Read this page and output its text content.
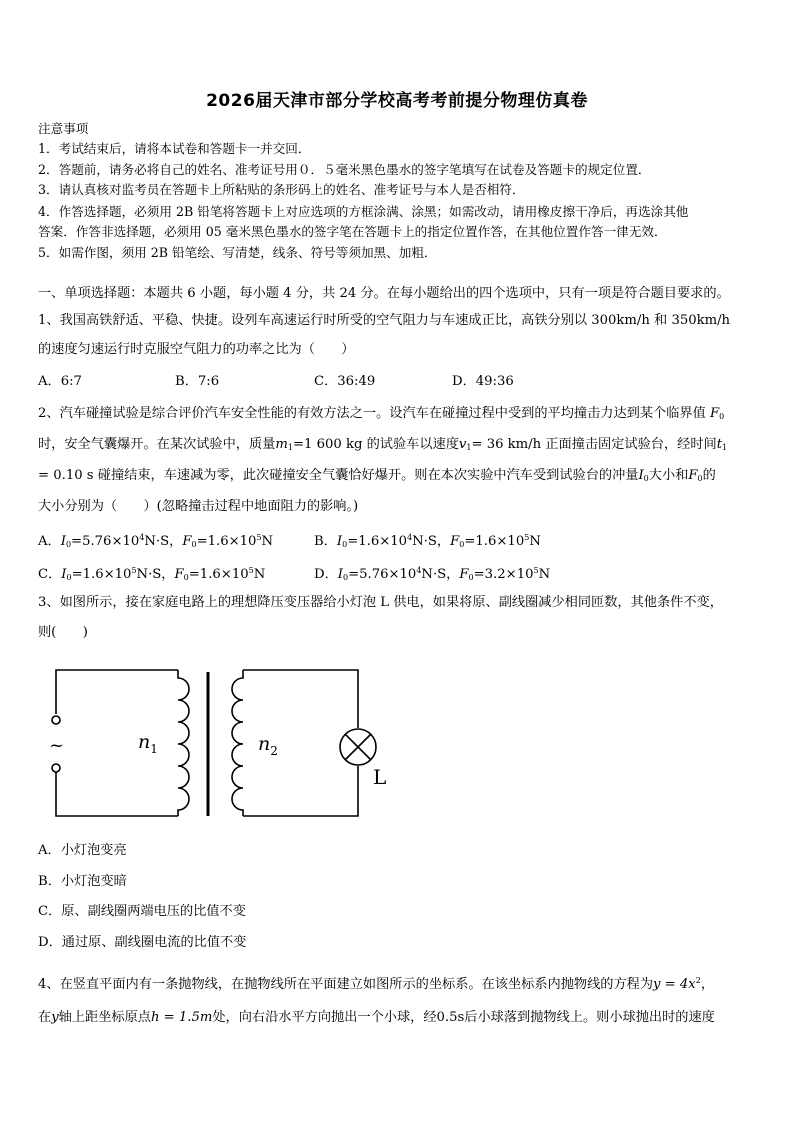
2026届天津市部分学校高考考前提分物理仿真卷
注意事项
1．考试结束后，请将本试卷和答题卡一并交回．
2．答题前，请务必将自己的姓名、准考证号用０．５毫米黑色墨水的签字笔填写在试卷及答题卡的规定位置．
3．请认真核对监考员在答题卡上所粘贴的条形码上的姓名、准考证号与本人是否相符．
4．作答选择题，必须用 2B 铅笔将答题卡上对应选项的方框涂满、涂黑；如需改动，请用橡皮擦干净后，再选涂其他
答案．作答非选择题，必须用 05 毫米黑色墨水的签字笔在答题卡上的指定位置作答，在其他位置作答一律无效．
5．如需作图，须用 2B 铅笔绘、写清楚，线条、符号等须加黑、加粗．
一、单项选择题：本题共 6 小题，每小题 4 分，共 24 分。在每小题给出的四个选项中，只有一项是符合题目要求的。
1、我国高铁舒适、平稳、快捷。设列车高速运行时所受的空气阻力与车速成正比，高铁分别以 300km/h 和 350km/h
的速度匀速运行时克服空气阻力的功率之比为（　　）
A．6:7	B．7:6	C．36:49	D．49:36
2、汽车碰撞试验是综合评价汽车安全性能的有效方法之一。设汽车在碰撞过程中受到的平均撞击力达到某个临界值 $F_0$
时，安全气囊爆开。在某次试验中，质量$m_1=1$ 600 kg 的试验车以速度$v_1= 36$ km/h 正面撞击固定试验台，经时间$t_1$
= 0.10 s 碰撞结束，车速减为零，此次碰撞安全气囊恰好爆开。则在本次实验中汽车受到试验台的冲量$I_0$大小和$F_0$的
大小分别为（　　）(忽略撞击过程中地面阻力的影响。)
A．$I_0=5.76\times 10^4N\cdot S$，$F_0=1.6\times 10^5N$	B．$I_0=1.6\times 10^4N\cdot S$，$F_0=1.6\times 10^5N$
C．$I_0=1.6\times 10^5N\cdot S$，$F_0=1.6\times 10^5N$	D．$I_0=5.76\times 10^4N\cdot S$，$F_0=3.2\times 10^5N$
3、如图所示，接在家庭电路上的理想降压变压器给小灯泡 L 供电，如果将原、副线圈减少相同匝数，其他条件不变，
则(　　)
~	$n_1$	$n_2$
L
A．小灯泡变亮
B．小灯泡变暗
C．原、副线圈两端电压的比值不变
D．通过原、副线圈电流的比值不变
4、在竖直平面内有一条抛物线，在抛物线所在平面建立如图所示的坐标系。在该坐标系内抛物线的方程为$y = 4x^2$，
在y轴上距坐标原点h = 1.5m处，向右沿水平方向抛出一个小球，经0.5s后小球落到抛物线上。则小球抛出时的速度
